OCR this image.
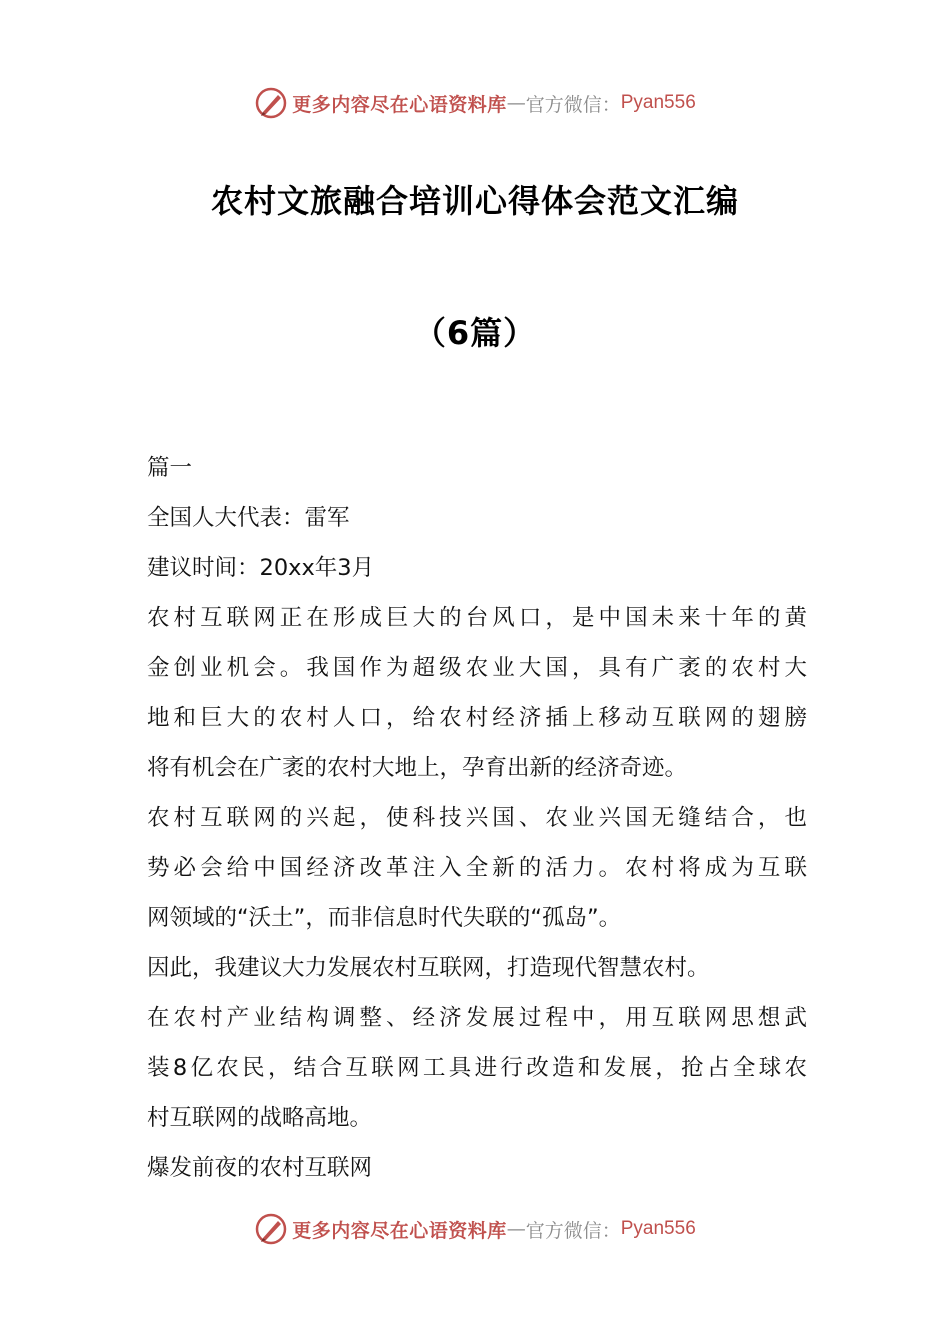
更多内容尽在心语资料库 — 官方微信： Pyan556
农村文旅融合培训心得体会范文汇编
（6篇）
篇一
全国人大代表：雷军
建议时间：20xx年3月
农村互联网正在形成巨大的台风口，是中国未来十年的黄
金创业机会。我国作为超级农业大国，具有广袤的农村大
地和巨大的农村人口，给农村经济插上移动互联网的翅膀
将有机会在广袤的农村大地上，孕育出新的经济奇迹。
农村互联网的兴起，使科技兴国、农业兴国无缝结合，也
势必会给中国经济改革注入全新的活力。农村将成为互联
网领域的“沃土”，而非信息时代失联的“孤岛”。
因此，我建议大力发展农村互联网，打造现代智慧农村。
在农村产业结构调整、经济发展过程中，用互联网思想武
装8亿农民，结合互联网工具进行改造和发展，抢占全球农
村互联网的战略高地。
爆发前夜的农村互联网
更多内容尽在心语资料库 — 官方微信： Pyan556
